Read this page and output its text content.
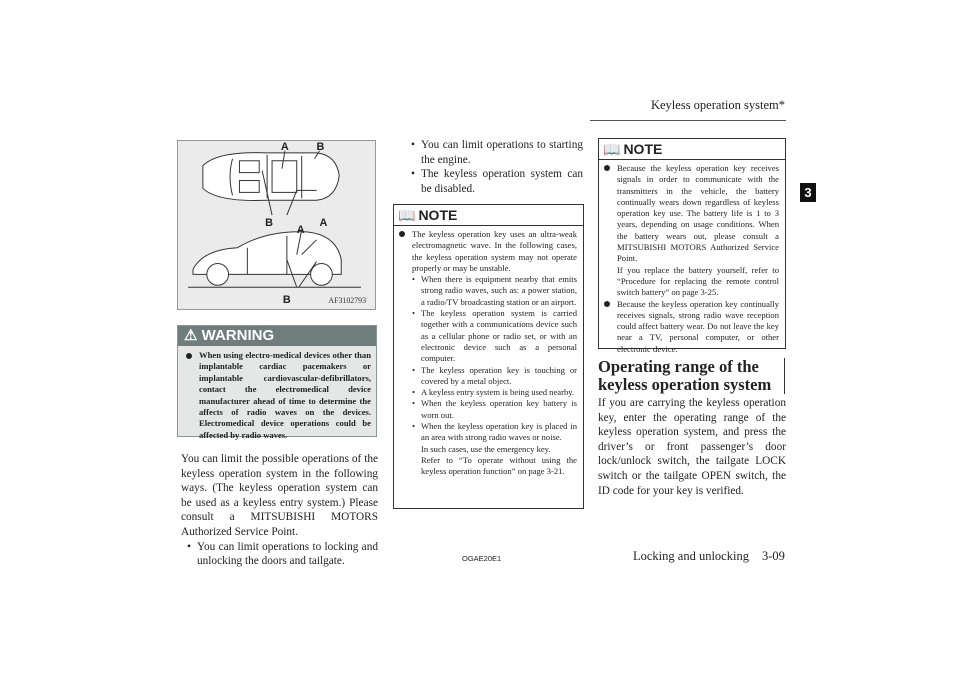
Keyless operation system*
3
A	B
B	A
A
B	AF3102793
⚠ WARNING
When using electro-medical devices other than implantable cardiac pacemakers or implantable cardiovascular-defibrillators, contact the electromedical device manufacturer ahead of time to determine the affects of radio waves on the devices. Electromedical device operations could be affected by radio waves.
You can limit the possible operations of the keyless operation system in the following ways. (The keyless operation system can be used as a keyless entry system.) Please consult a MITSUBISHI MOTORS Authorized Service Point.
• You can limit operations to locking and unlocking the doors and tailgate.
• You can limit operations to starting the engine.
• The keyless operation system can be disabled.
📖 NOTE
The keyless operation key uses an ultra-weak electromagnetic wave. In the following cases, the keyless operation system may not operate properly or may be unstable.
• When there is equipment nearby that emits strong radio waves, such as: a power station, a radio/TV broadcasting station or an airport.
• The keyless operation system is carried together with a communications device such as a cellular phone or radio set, or with an electronic device such as a personal computer.
• The keyless operation key is touching or covered by a metal object.
• A keyless entry system is being used nearby.
• When the keyless operation key battery is worn out.
• When the keyless operation key is placed in an area with strong radio waves or noise.
In such cases, use the emergency key.
Refer to “To operate without using the keyless operation function” on page 3-21.
📖 NOTE
Because the keyless operation key receives signals in order to communicate with the transmitters in the vehicle, the battery continually wears down regardless of keyless operation key use. The battery life is 1 to 3 years, depending on usage conditions. When the battery wears out, please consult a MITSUBISHI MOTORS Authorized Service Point.
If you replace the battery yourself, refer to “Procedure for replacing the remote control switch battery” on page 3-25.
Because the keyless operation key continually receives signals, strong radio wave reception could affect battery wear. Do not leave the key near a TV, personal computer, or other electronic device.
Operating range of the keyless operation system
If you are carrying the keyless operation key, enter the operating range of the keyless operation system, and press the driver’s or front passenger’s door lock/unlock switch, the tailgate LOCK switch or the tailgate OPEN switch, the ID code for your key is verified.
OGAE20E1	Locking and unlocking 3-09
